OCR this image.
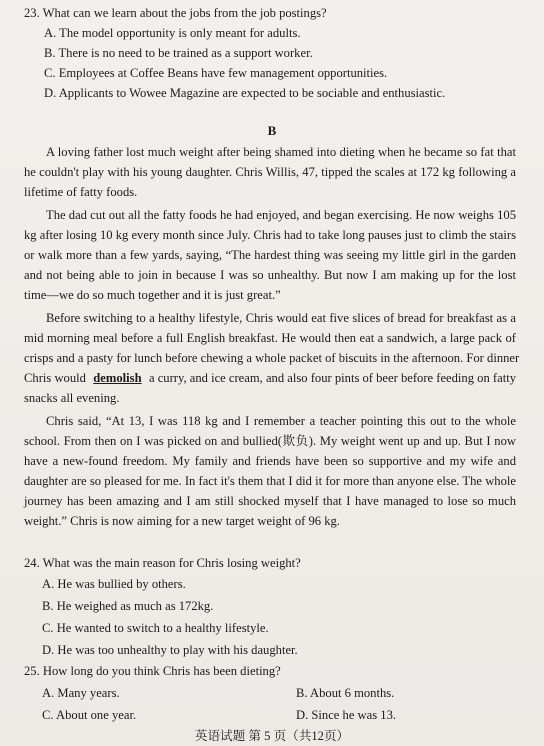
23. What can we learn about the jobs from the job postings?
A. The model opportunity is only meant for adults.
B. There is no need to be trained as a support worker.
C. Employees at Coffee Beans have few management opportunities.
D. Applicants to Wowee Magazine are expected to be sociable and enthusiastic.
B
A loving father lost much weight after being shamed into dieting when he became so fat that
he couldn't play with his young daughter. Chris Willis, 47, tipped the scales at 172 kg following a
lifetime of fatty foods.
The dad cut out all the fatty foods he had enjoyed, and began exercising. He now weighs 105
kg after losing 10 kg every month since July. Chris had to take long pauses just to climb the stairs
or walk more than a few yards, saying, “The hardest thing was seeing my little girl in the garden
and not being able to join in because I was so unhealthy. But now I am making up for the lost
time—we do so much together and it is just great.”
Before switching to a healthy lifestyle, Chris would eat five slices of bread for breakfast as a
mid morning meal before a full English breakfast. He would then eat a sandwich, a large pack of
crisps and a pasty for lunch before chewing a whole packet of biscuits in the afternoon. For dinner
Chris would demolish a curry, and ice cream, and also four pints of beer before feeding on fatty
snacks all evening.
Chris said, “At 13, I was 118 kg and I remember a teacher pointing this out to the whole
school. From then on I was picked on and bullied(欺负). My weight went up and up. But I now
have a new-found freedom. My family and friends have been so supportive and my wife and
daughter are so pleased for me. In fact it's them that I did it for more than anyone else. The whole
journey has been amazing and I am still shocked myself that I have managed to lose so much
weight.” Chris is now aiming for a new target weight of 96 kg.
24. What was the main reason for Chris losing weight?
A. He was bullied by others.
B. He weighed as much as 172kg.
C. He wanted to switch to a healthy lifestyle.
D. He was too unhealthy to play with his daughter.
25. How long do you think Chris has been dieting?
A. Many years.	B. About 6 months.
C. About one year.	D. Since he was 13.
英语试题 第 5 页（共12页）
